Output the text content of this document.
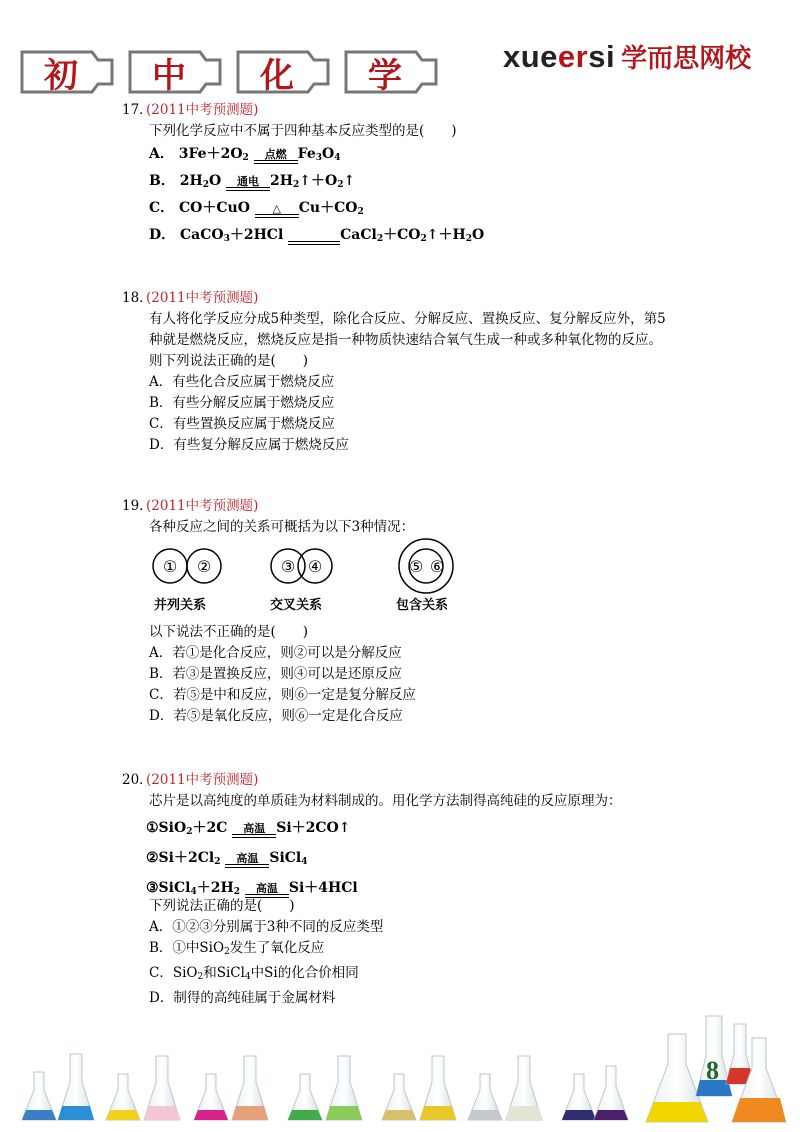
初	中	化	学	xueersi 学而思网校
17．(2011中考预测题)
下列化学反应中不属于四种基本反应类型的是(　　)
A． $3Fe+2O_2$	点燃 $Fe_3O_4$
B． $2H_2O$	通电 $2H_2↑+O_2↑$
C． CO＋CuO	△	$Cu+CO_2$
D． CaCO$_3$＋2HCl
	$CaCl_2+CO_2↑+H_2O$
18．(2011中考预测题)
有人将化学反应分成5种类型，除化合反应、分解反应、置换反应、复分解反应外，第5
种就是燃烧反应，燃烧反应是指一种物质快速结合氧气生成一种或多种氧化物的反应。
则下列说法正确的是(　　)
A．有些化合反应属于燃烧反应
B．有些分解反应属于燃烧反应
C．有些置换反应属于燃烧反应
D．有些复分解反应属于燃烧反应
19．(2011中考预测题)
各种反应之间的关系可概括为以下3种情况：
① ②	③ ④	⑤ ⑥
并列关系	交叉关系	包含关系
以下说法不正确的是(　　)
A．若①是化合反应，则②可以是分解反应
B．若③是置换反应，则④可以是还原反应
C．若⑤是中和反应，则⑥一定是复分解反应
D．若⑤是氧化反应，则⑥一定是化合反应
20．(2011中考预测题)
芯片是以高纯度的单质硅为材料制成的。用化学方法制得高纯硅的反应原理为：
①SiO$_2$＋2C	高温 Si＋2CO↑
$②Si+2Cl_2$	高温 SiCl$_4$
$③SiCl_4+2H_2$	高温 Si＋4HCl
下列说法正确的是(　　)
A．①②③分别属于3种不同的反应类型
B．①中SiO$_2$发生了氧化反应
C．SiO$_2$和SiCl$_4$中Si的化合价相同
D．制得的高纯硅属于金属材料
8
